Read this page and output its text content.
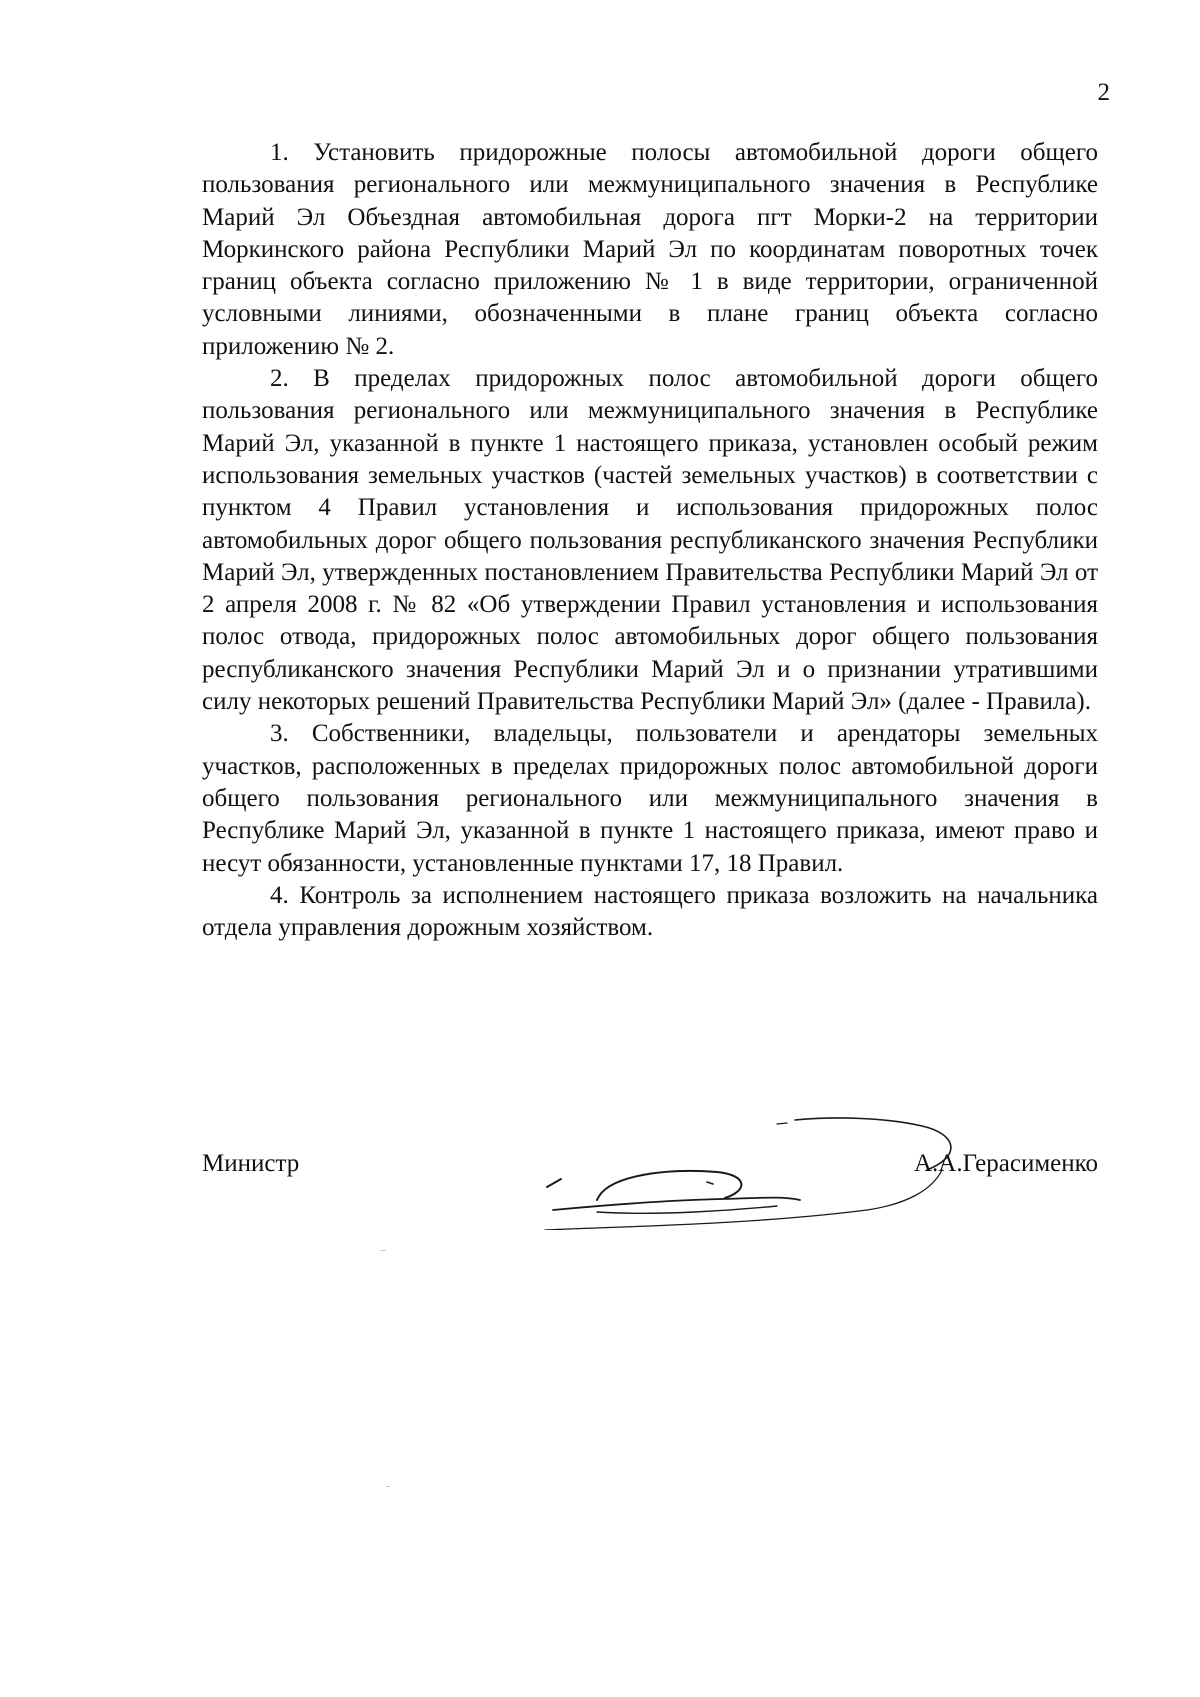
2

1. Установить придорожные полосы автомобильной дороги общего пользования регионального или межмуниципального значения в Республике Марий Эл Объездная автомобильная дорога пгт Морки-2 на территории Моркинского района Республики Марий Эл по координатам поворотных точек границ объекта согласно приложению № 1 в виде территории, ограниченной условными линиями, обозначенными в плане границ объекта согласно приложению № 2.

2. В пределах придорожных полос автомобильной дороги общего пользования регионального или межмуниципального значения в Республике Марий Эл, указанной в пункте 1 настоящего приказа, установлен особый режим использования земельных участков (частей земельных участков) в соответствии с пунктом 4 Правил установления и использования придорожных полос автомобильных дорог общего пользования республиканского значения Республики Марий Эл, утвержденных постановлением Правительства Республики Марий Эл от 2 апреля 2008 г. № 82 «Об утверждении Правил установления и использования полос отвода, придорожных полос автомобильных дорог общего пользования республиканского значения Республики Марий Эл и о признании утратившими силу некоторых решений Правительства Республики Марий Эл» (далее - Правила).

3. Собственники, владельцы, пользователи и арендаторы земельных участков, расположенных в пределах придорожных полос автомобильной дороги общего пользования регионального или межмуниципального значения в Республике Марий Эл, указанной в пункте 1 настоящего приказа, имеют право и несут обязанности, установленные пунктами 17, 18 Правил.

4. Контроль за исполнением настоящего приказа возложить на начальника отдела управления дорожным хозяйством.

Министр	А.А.Герасименко
